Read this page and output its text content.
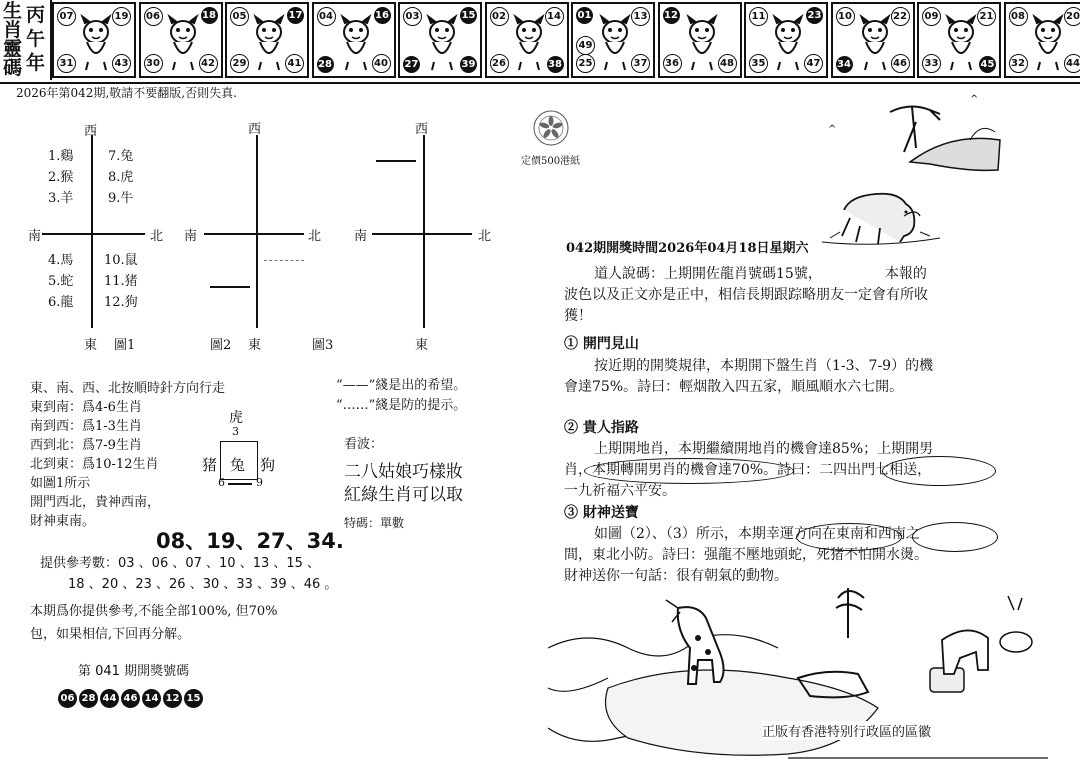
生
肖
靈
碼
丙
午
年
07	19
31	43
06	18
30	42
05	17
29	41
04	16
28	40
03	15
27	39
02	14
26	38
01	13
25	37
49
12
36	48
11	23
35	47
10	22
34	46
09	21
33	45
08	20
32	44
2026年第042期,敬請不要翻版,否則失真.
西
南	北
東 圖1
1.鷄
2.猴
3.羊
7.兔
8.虎
9.牛
4.馬
5.蛇
6.龍
10.鼠
11.猪
12.狗
西
南	北
圖2 東
西
南	北
圖3	東
東、南、西、北按順時針方向行走
東到南：爲4-6生肖
南到西：爲1-3生肖
西到北：爲7-9生肖
北到東：爲10-12生肖
如圖1所示
開門西北，貴神西南，
財神東南。
虎
3
猪 兔 狗
6	9
“——”綫是出的希望。
“……”綫是防的提示。
看波：
二八姑娘巧樣妝
紅綠生肖可以取
特碼：單數
08、19、27、34.
提供參考數：03 、06 、07 、10 、13 、15 、
18 、20 、23 、26 、30 、33 、39 、46 。
本期爲你提供參考,不能全部100%, 但70%
包，如果相信,下回再分解。
第 041 期開獎號碼
06 28 44 46 14 12 15
定價500港紙
^
^
042期開獎時間2026年04月18日星期六
道人說碼：上期開佐龍肖號碼15號，　　　　　本報的
波色以及正文亦是正中，相信長期跟踪略朋友一定會有所收
獲！
① 開門見山
按近期的開獎規律，本期開下盤生肖（1-3、7-9）的機
會達75%。詩曰：輕烟散入四五家，順風順水六七開。
② 貴人指路
上期開地肖，本期繼續開地肖的機會達85%；上期開男
肖，本期轉開男肖的機會達70%。詩曰：二四出門七相送，
一九祈福六平安。
③ 財神送寶
如圖（2）、（3）所示，本期幸運方向在東南和西南之
間，東北小防。詩曰：强龍不壓地頭蛇，死猪不怕開水燙。
財神送你一句話：很有朝氣的動物。
正版有香港特别行政區的區徽
